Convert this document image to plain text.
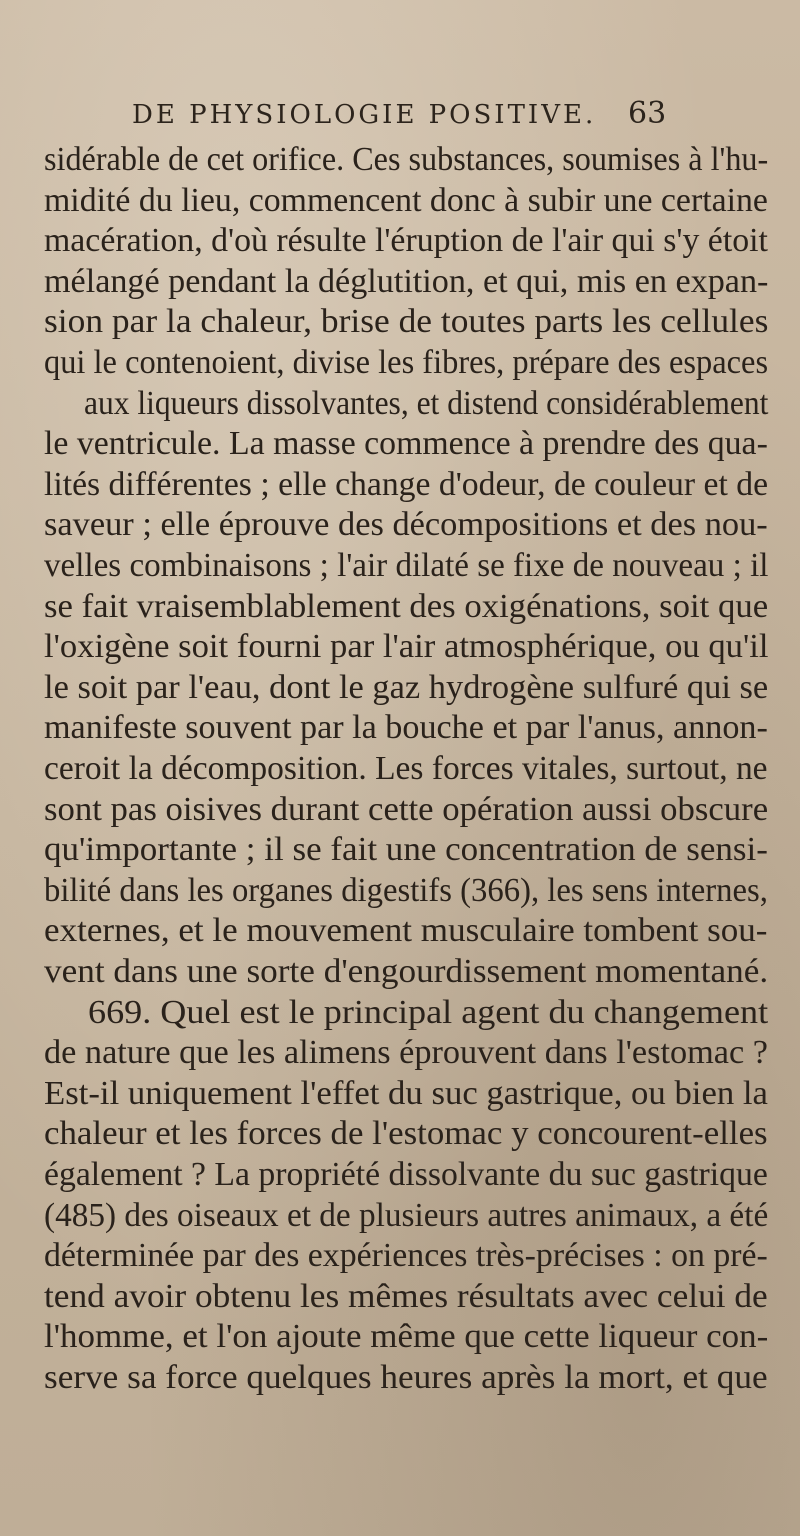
DE PHYSIOLOGIE POSITIVE. 63
sidérable de cet orifice. Ces substances, soumises à l'hu-
midité du lieu, commencent donc à subir une certaine
macération, d'où résulte l'éruption de l'air qui s'y étoit
mélangé pendant la déglutition, et qui, mis en expan-
sion par la chaleur, brise de toutes parts les cellules
qui le contenoient, divise les fibres, prépare des espaces
aux liqueurs dissolvantes, et distend considérablement
le ventricule. La masse commence à prendre des qua-
lités différentes ; elle change d'odeur, de couleur et de
saveur ; elle éprouve des décompositions et des nou-
velles combinaisons ; l'air dilaté se fixe de nouveau ; il
se fait vraisemblablement des oxigénations, soit que
l'oxigène soit fourni par l'air atmosphérique, ou qu'il
le soit par l'eau, dont le gaz hydrogène sulfuré qui se
manifeste souvent par la bouche et par l'anus, annon-
ceroit la décomposition. Les forces vitales, surtout, ne
sont pas oisives durant cette opération aussi obscure
qu'importante ; il se fait une concentration de sensi-
bilité dans les organes digestifs (366), les sens internes,
externes, et le mouvement musculaire tombent sou-
vent dans une sorte d'engourdissement momentané.
669. Quel est le principal agent du changement
de nature que les alimens éprouvent dans l'estomac ?
Est-il uniquement l'effet du suc gastrique, ou bien la
chaleur et les forces de l'estomac y concourent-elles
également ? La propriété dissolvante du suc gastrique
(485) des oiseaux et de plusieurs autres animaux, a été
déterminée par des expériences très-précises : on pré-
tend avoir obtenu les mêmes résultats avec celui de
l'homme, et l'on ajoute même que cette liqueur con-
serve sa force quelques heures après la mort, et que
